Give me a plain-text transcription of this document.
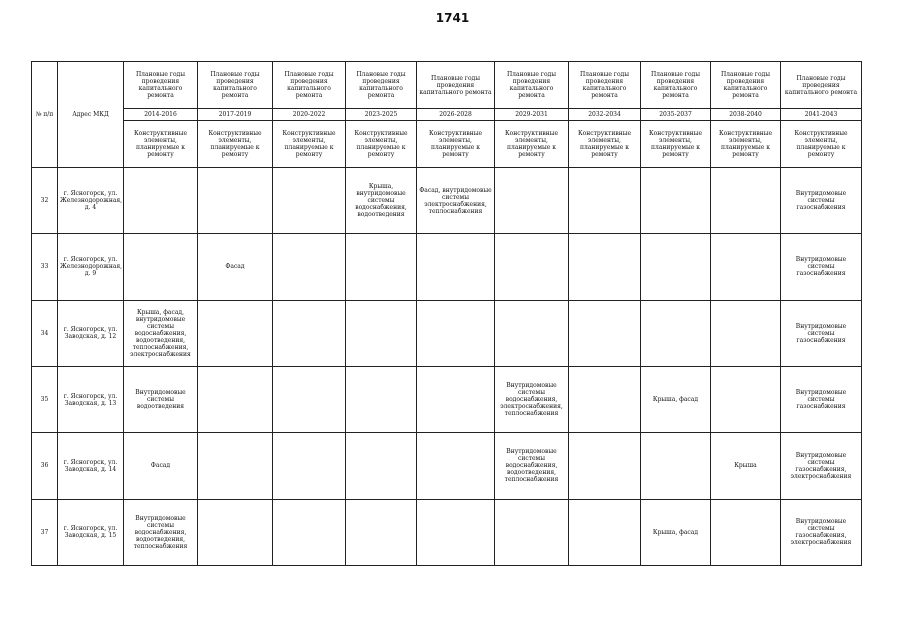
1741
№ п/п	Адрес МКД	Плановые годы проведения капитального ремонта	Плановые годы проведения капитального ремонта	Плановые годы проведения капитального ремонта	Плановые годы проведения капитального ремонта	Плановые годы проведения капитального ремонта	Плановые годы проведения капитального ремонта	Плановые годы проведения капитального ремонта	Плановые годы проведения капитального ремонта	Плановые годы проведения капитального ремонта	Плановые годы проведения капитального ремонта
		2014-2016	2017-2019	2020-2022	2023-2025	2026-2028	2029-2031	2032-2034	2035-2037	2038-2040	2041-2043
		Конструктивные элементы, планируемые к ремонту	Конструктивные элементы, планируемые к ремонту	Конструктивные элементы, планируемые к ремонту	Конструктивные элементы, планируемые к ремонту	Конструктивные элементы, планируемые к ремонту	Конструктивные элементы, планируемые к ремонту	Конструктивные элементы, планируемые к ремонту	Конструктивные элементы, планируемые к ремонту	Конструктивные элементы, планируемые к ремонту	Конструктивные элементы, планируемые к ремонту
32	г. Ясногорск, ул. Железнодорожная, д. 4				Крыша, внутридомовые системы водоснабжения, водоотведения	Фасад, внутридомовые системы электроснабжения, теплоснабжения					Внутридомовые системы газоснабжения
33	г. Ясногорск, ул. Железнодорожная, д. 9		Фасад								Внутридомовые системы газоснабжения
34	г. Ясногорск, ул. Заводская, д. 12	Крыша, фасад, внутридомовые системы водоснабжения, водоотведения, теплоснабжения, электроснабжения									Внутридомовые системы газоснабжения
35	г. Ясногорск, ул. Заводская, д. 13	Внутридомовые системы водоотведения					Внутридомовые системы водоснабжения, электроснабжения, теплоснабжения		Крыша, фасад		Внутридомовые системы газоснабжения
36	г. Ясногорск, ул. Заводская, д. 14	Фасад					Внутридомовые системы водоснабжения, водоотведения, теплоснабжения			Крыша	Внутридомовые системы газоснабжения, электроснабжения
37	г. Ясногорск, ул. Заводская, д. 15	Внутридомовые системы водоснабжения, водоотведения, теплоснабжения							Крыша, фасад		Внутридомовые системы газоснабжения, электроснабжения
